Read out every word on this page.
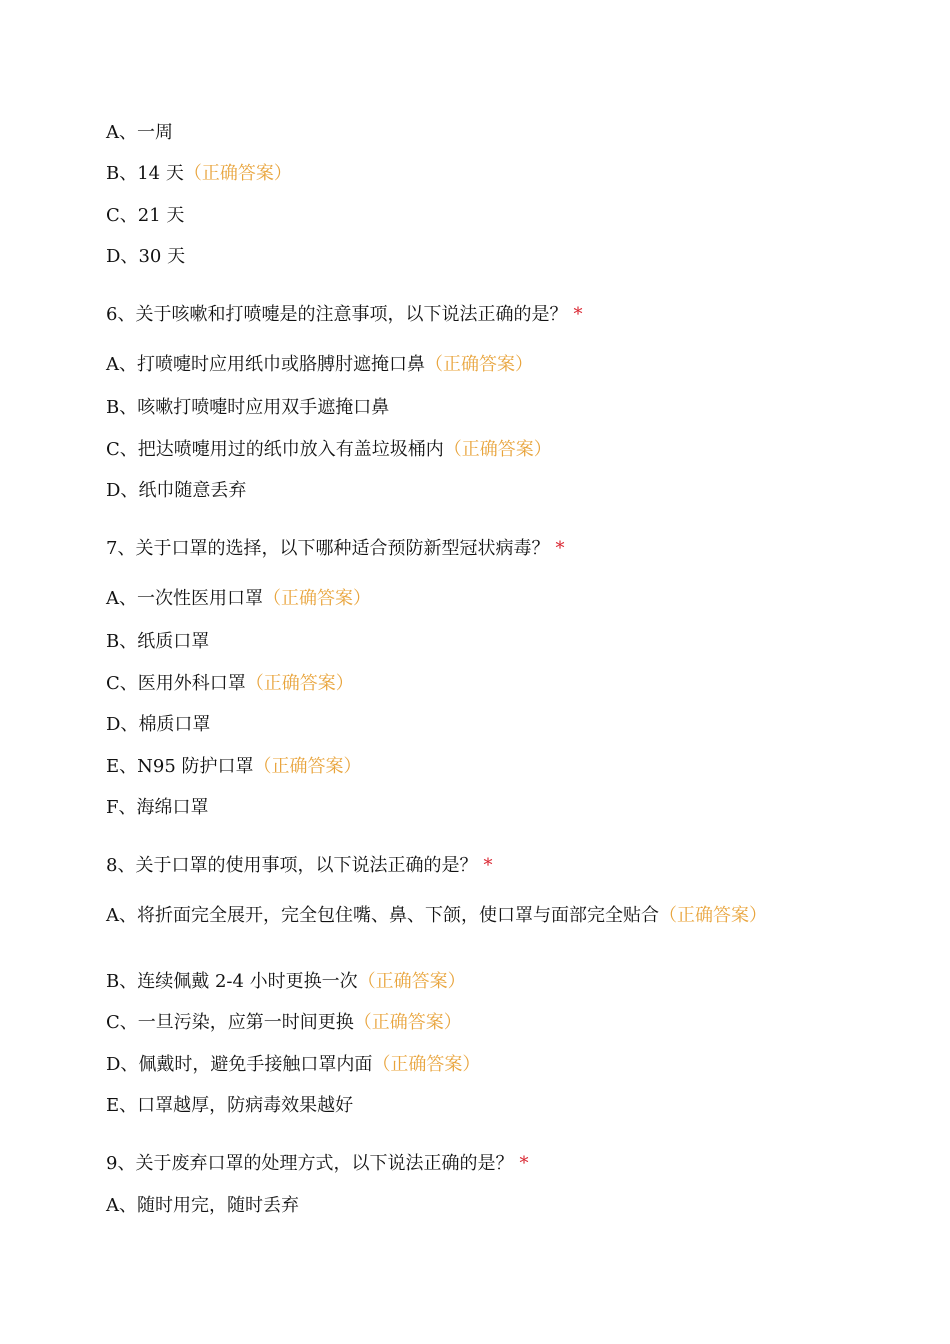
A、一周
B、14 天（正确答案）
C、21 天
D、30 天
6、关于咳嗽和打喷嚏是的注意事项，以下说法正确的是？ *
A、打喷嚏时应用纸巾或胳膊肘遮掩口鼻（正确答案）
B、咳嗽打喷嚏时应用双手遮掩口鼻
C、把达喷嚏用过的纸巾放入有盖垃圾桶内（正确答案）
D、纸巾随意丢弃
7、关于口罩的选择，以下哪种适合预防新型冠状病毒？ *
A、一次性医用口罩（正确答案）
B、纸质口罩
C、医用外科口罩（正确答案）
D、棉质口罩
E、N95 防护口罩（正确答案）
F、海绵口罩
8、关于口罩的使用事项，以下说法正确的是？ *
A、将折面完全展开，完全包住嘴、鼻、下颌，使口罩与面部完全贴合（正确答案）
B、连续佩戴 2-4 小时更换一次（正确答案）
C、一旦污染，应第一时间更换（正确答案）
D、佩戴时，避免手接触口罩内面（正确答案）
E、口罩越厚，防病毒效果越好
9、关于废弃口罩的处理方式，以下说法正确的是？ *
A、随时用完，随时丢弃
